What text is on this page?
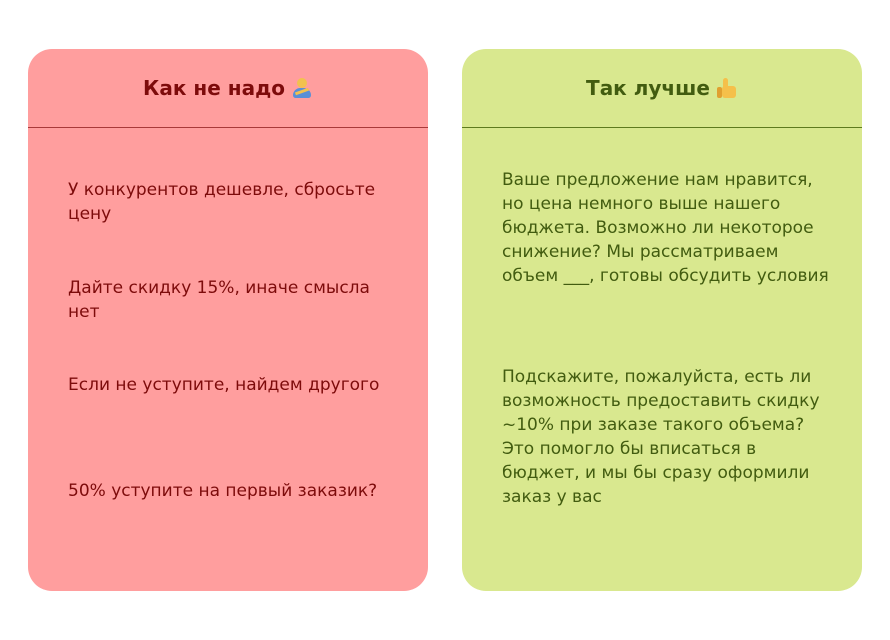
Как не надо

У конкурентов дешевле, сбросьте цену

Дайте скидку 15%, иначе смысла нет

Если не уступите, найдем другого

50% уступите на первый заказик?

Так лучше

Ваше предложение нам нравится, но цена немного выше нашего бюджета. Возможно ли некоторое снижение? Мы рассматриваем объем ___, готовы обсудить условия

Подскажите, пожалуйста, есть ли возможность предоставить скидку ~10% при заказе такого объема? Это помогло бы вписаться в бюджет, и мы бы сразу оформили заказ у вас
